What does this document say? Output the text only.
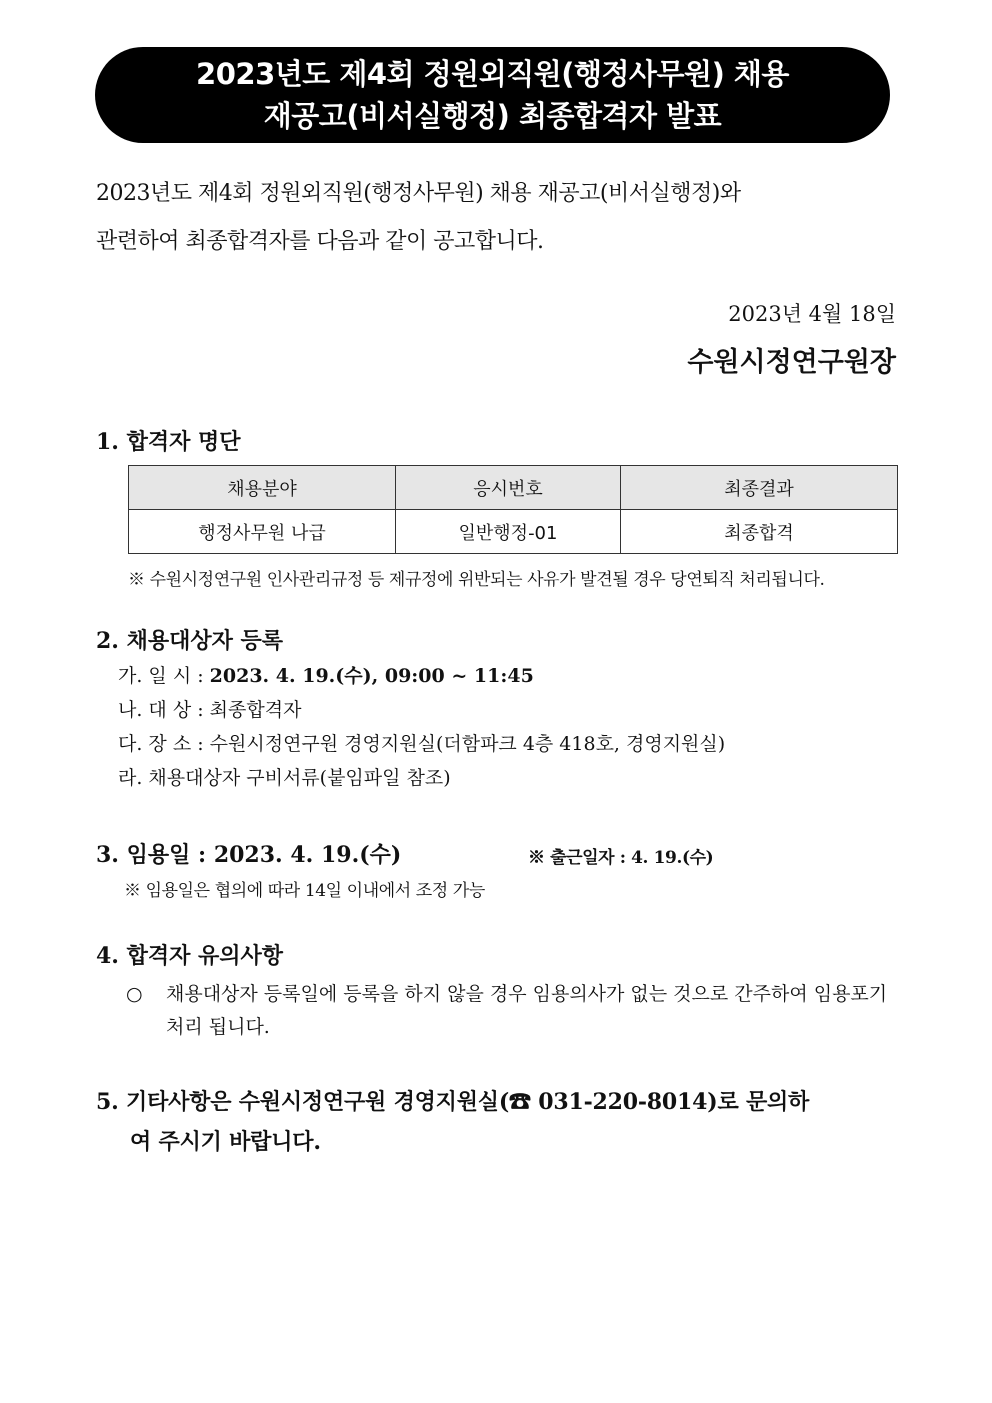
2023년도 제4회 정원외직원(행정사무원) 채용
재공고(비서실행정) 최종합격자 발표
2023년도 제4회 정원외직원(행정사무원) 채용 재공고(비서실행정)와
관련하여 최종합격자를 다음과 같이 공고합니다.
2023년 4월 18일
수원시정연구원장
1. 합격자 명단
채용분야	응시번호	최종결과
행정사무원 나급	일반행정-01	최종합격
※ 수원시정연구원 인사관리규정 등 제규정에 위반되는 사유가 발견될 경우 당연퇴직 처리됩니다.
2. 채용대상자 등록
가. 일 시 : 2023. 4. 19.(수), 09:00 ~ 11:45
나. 대 상 : 최종합격자
다. 장 소 : 수원시정연구원 경영지원실(더함파크 4층 418호, 경영지원실)
라. 채용대상자 구비서류(붙임파일 참조)
3. 임용일 : 2023. 4. 19.(수)	※ 출근일자 : 4. 19.(수)
※ 임용일은 협의에 따라 14일 이내에서 조정 가능
4. 합격자 유의사항
○	채용대상자 등록일에 등록을 하지 않을 경우 임용의사가 없는 것으로 간주하여 임용포기처리 됩니다.
5. 기타사항은 수원시정연구원 경영지원실(☎ 031-220-8014)로 문의하
여 주시기 바랍니다.
